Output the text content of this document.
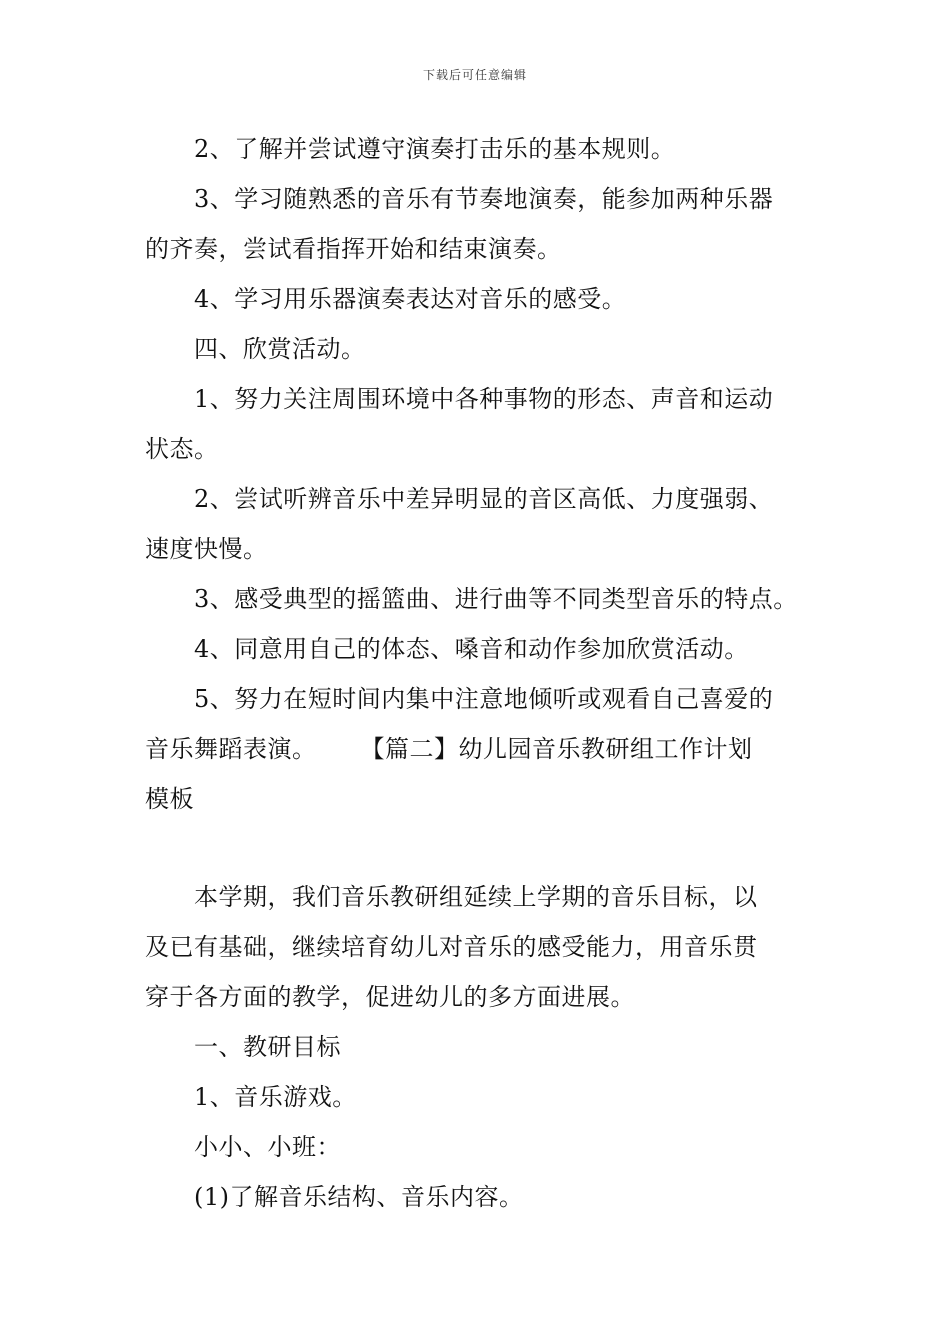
下载后可任意编辑
2、了解并尝试遵守演奏打击乐的基本规则。
3、学习随熟悉的音乐有节奏地演奏，能参加两种乐器
的齐奏，尝试看指挥开始和结束演奏。
4、学习用乐器演奏表达对音乐的感受。
四、欣赏活动。
1、努力关注周围环境中各种事物的形态、声音和运动
状态。
2、尝试听辨音乐中差异明显的音区高低、力度强弱、
速度快慢。
3、感受典型的摇篮曲、进行曲等不同类型音乐的特点。
4、同意用自己的体态、嗓音和动作参加欣赏活动。
5、努力在短时间内集中注意地倾听或观看自己喜爱的
音乐舞蹈表演。 【篇二】幼儿园音乐教研组工作计划
模板
本学期，我们音乐教研组延续上学期的音乐目标，以
及已有基础，继续培育幼儿对音乐的感受能力，用音乐贯
穿于各方面的教学，促进幼儿的多方面进展。
一、教研目标
1、音乐游戏。
小小、小班：
(1)了解音乐结构、音乐内容。
